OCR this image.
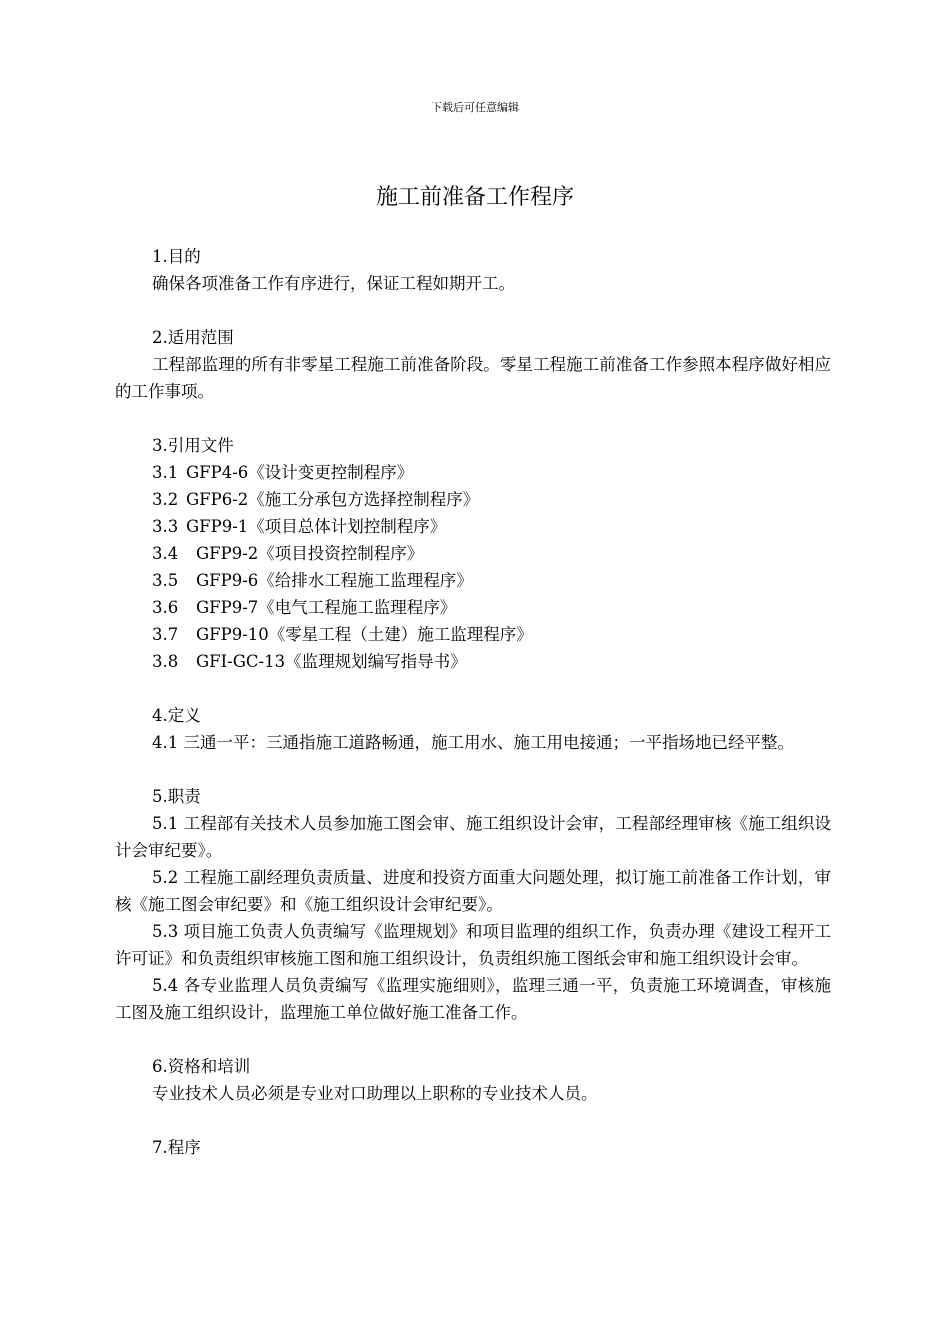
下载后可任意编辑
施工前准备工作程序

1.目的

确保各项准备工作有序进行，保证工程如期开工。

2.适用范围

工程部监理的所有非零星工程施工前准备阶段。零星工程施工前准备工作参照本程序做好相应的工作事项。

3.引用文件

3.1 GFP4-6《设计变更控制程序》

3.2 GFP6-2《施工分承包方选择控制程序》

3.3 GFP9-1《项目总体计划控制程序》

3.4 GFP9-2《项目投资控制程序》

3.5 GFP9-6《给排水工程施工监理程序》

3.6 GFP9-7《电气工程施工监理程序》

3.7 GFP9-10《零星工程（土建）施工监理程序》

3.8 GFI-GC-13《监理规划编写指导书》

4.定义

4.1 三通一平：三通指施工道路畅通，施工用水、施工用电接通；一平指场地已经平整。

5.职责

5.1 工程部有关技术人员参加施工图会审、施工组织设计会审，工程部经理审核《施工组织设计会审纪要》。

5.2 工程施工副经理负责质量、进度和投资方面重大问题处理，拟订施工前准备工作计划，审核《施工图会审纪要》和《施工组织设计会审纪要》。

5.3 项目施工负责人负责编写《监理规划》和项目监理的组织工作，负责办理《建设工程开工许可证》和负责组织审核施工图和施工组织设计，负责组织施工图纸会审和施工组织设计会审。

5.4 各专业监理人员负责编写《监理实施细则》，监理三通一平，负责施工环境调查，审核施工图及施工组织设计，监理施工单位做好施工准备工作。

6.资格和培训

专业技术人员必须是专业对口助理以上职称的专业技术人员。

7.程序
